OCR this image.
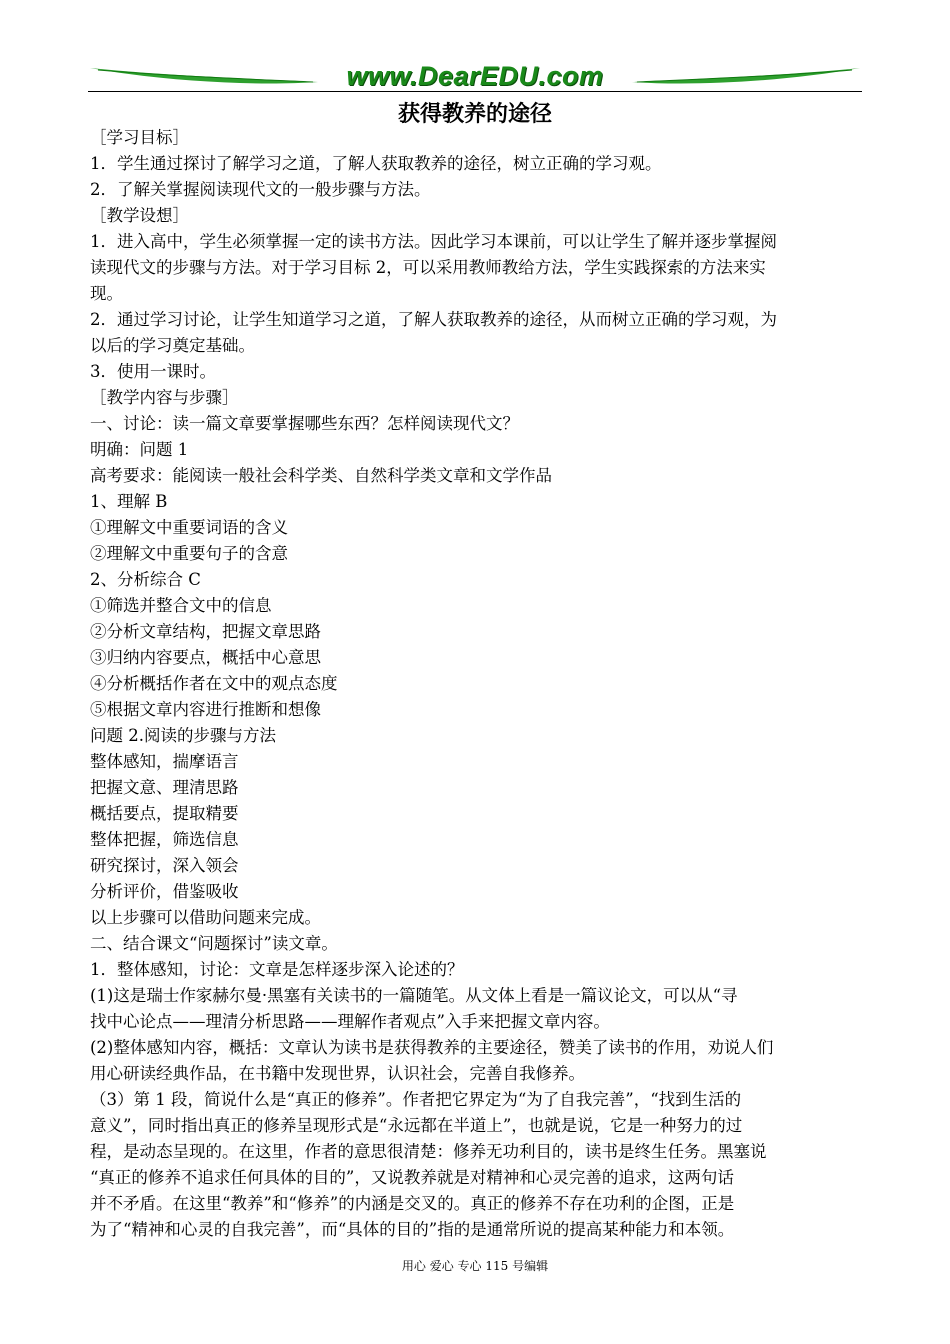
www.DearEDU.com
获得教养的途径

［学习目标］

1．学生通过探讨了解学习之道，了解人获取教养的途径，树立正确的学习观。

2．了解关掌握阅读现代文的一般步骤与方法。

［教学设想］

1．进入高中，学生必须掌握一定的读书方法。因此学习本课前，可以让学生了解并逐步掌握阅

读现代文的步骤与方法。对于学习目标 2，可以采用教师教给方法，学生实践探索的方法来实

现。

2．通过学习讨论，让学生知道学习之道，了解人获取教养的途径，从而树立正确的学习观，为

以后的学习奠定基础。

3．使用一课时。

［教学内容与步骤］

一、讨论：读一篇文章要掌握哪些东西？怎样阅读现代文？

明确：问题 1

高考要求：能阅读一般社会科学类、自然科学类文章和文学作品

1、理解 B

①理解文中重要词语的含义

②理解文中重要句子的含意

2、分析综合 C

①筛选并整合文中的信息

②分析文章结构，把握文章思路

③归纳内容要点，概括中心意思

④分析概括作者在文中的观点态度

⑤根据文章内容进行推断和想像

问题 2.阅读的步骤与方法

整体感知，揣摩语言

把握文意、理清思路

概括要点，提取精要

整体把握，筛选信息

研究探讨，深入领会

分析评价，借鉴吸收

以上步骤可以借助问题来完成。

二、结合课文“问题探讨”读文章。

1．整体感知，讨论：文章是怎样逐步深入论述的？

(1)这是瑞士作家赫尔曼·黑塞有关读书的一篇随笔。从文体上看是一篇议论文，可以从“寻

找中心论点——理清分析思路——理解作者观点”入手来把握文章内容。

(2)整体感知内容，概括：文章认为读书是获得教养的主要途径，赞美了读书的作用，劝说人们

用心研读经典作品，在书籍中发现世界，认识社会，完善自我修养。

（3）第 1 段，简说什么是“真正的修养”。作者把它界定为“为了自我完善”，“找到生活的

意义”，同时指出真正的修养呈现形式是“永远都在半道上”，也就是说，它是一种努力的过

程，是动态呈现的。在这里，作者的意思很清楚：修养无功利目的，读书是终生任务。黑塞说

“真正的修养不追求任何具体的目的”，又说教养就是对精神和心灵完善的追求，这两句话

并不矛盾。在这里“教养”和“修养”的内涵是交叉的。真正的修养不存在功利的企图，正是

为了“精神和心灵的自我完善”，而“具体的目的”指的是通常所说的提高某种能力和本领。

用心 爱心 专心 115 号编辑
